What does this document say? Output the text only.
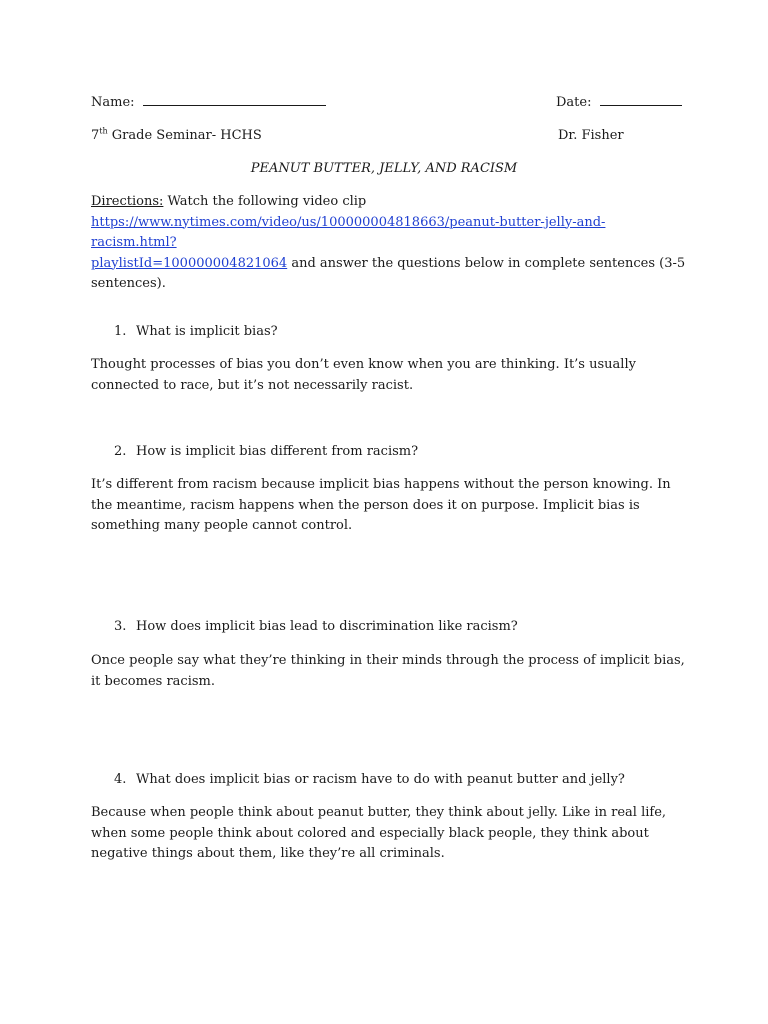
Name:	Date:
7th Grade Seminar- HCHS	Dr. Fisher
PEANUT BUTTER, JELLY, AND RACISM
Directions: Watch the following video clip
https://www.nytimes.com/video/us/100000004818663/peanut-butter-jelly-and-racism.html?
playlistId=100000004821064 and answer the questions below in complete sentences (3-5 sentences).
1. What is implicit bias?
Thought processes of bias you don’t even know when you are thinking. It’s usually connected to race, but it’s not necessarily racist.
2. How is implicit bias different from racism?
It’s different from racism because implicit bias happens without the person knowing. In the meantime, racism happens when the person does it on purpose. Implicit bias is something many people cannot control.
3. How does implicit bias lead to discrimination like racism?
Once people say what they’re thinking in their minds through the process of implicit bias, it becomes racism.
4. What does implicit bias or racism have to do with peanut butter and jelly?
Because when people think about peanut butter, they think about jelly. Like in real life, when some people think about colored and especially black people, they think about negative things about them, like they’re all criminals.
